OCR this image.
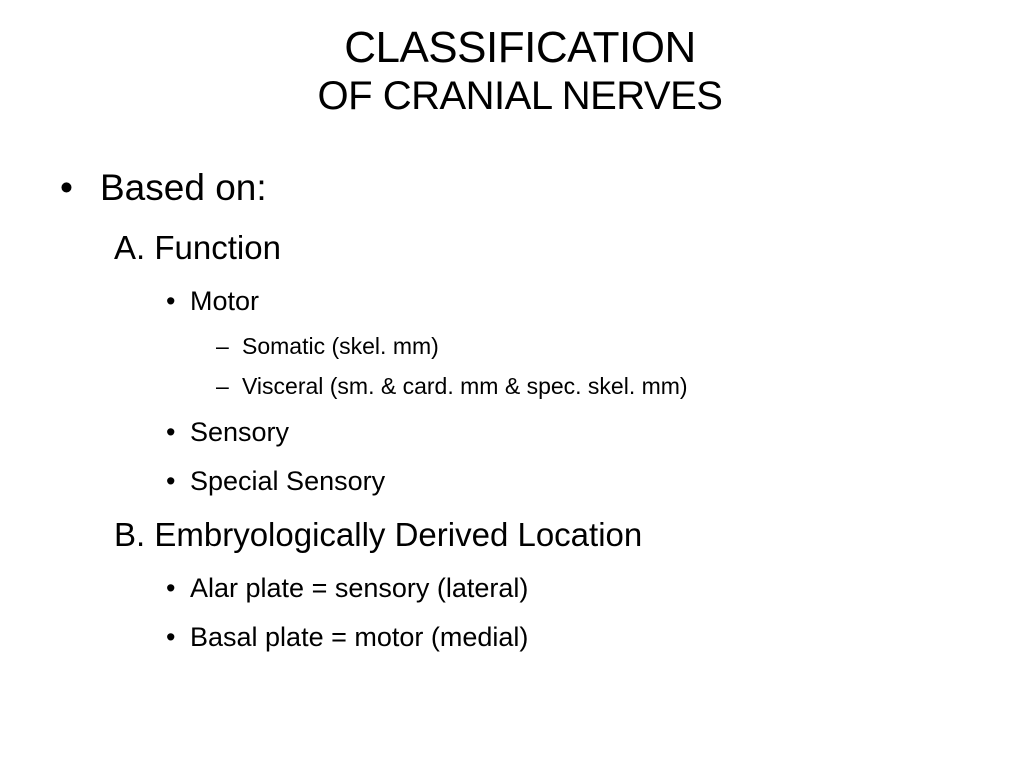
CLASSIFICATION
OF CRANIAL NERVES
• Based on:
A. Function
• Motor
– Somatic (skel. mm)
– Visceral (sm. & card. mm & spec. skel. mm)
• Sensory
• Special Sensory
B. Embryologically Derived Location
• Alar plate = sensory (lateral)
• Basal plate = motor (medial)
